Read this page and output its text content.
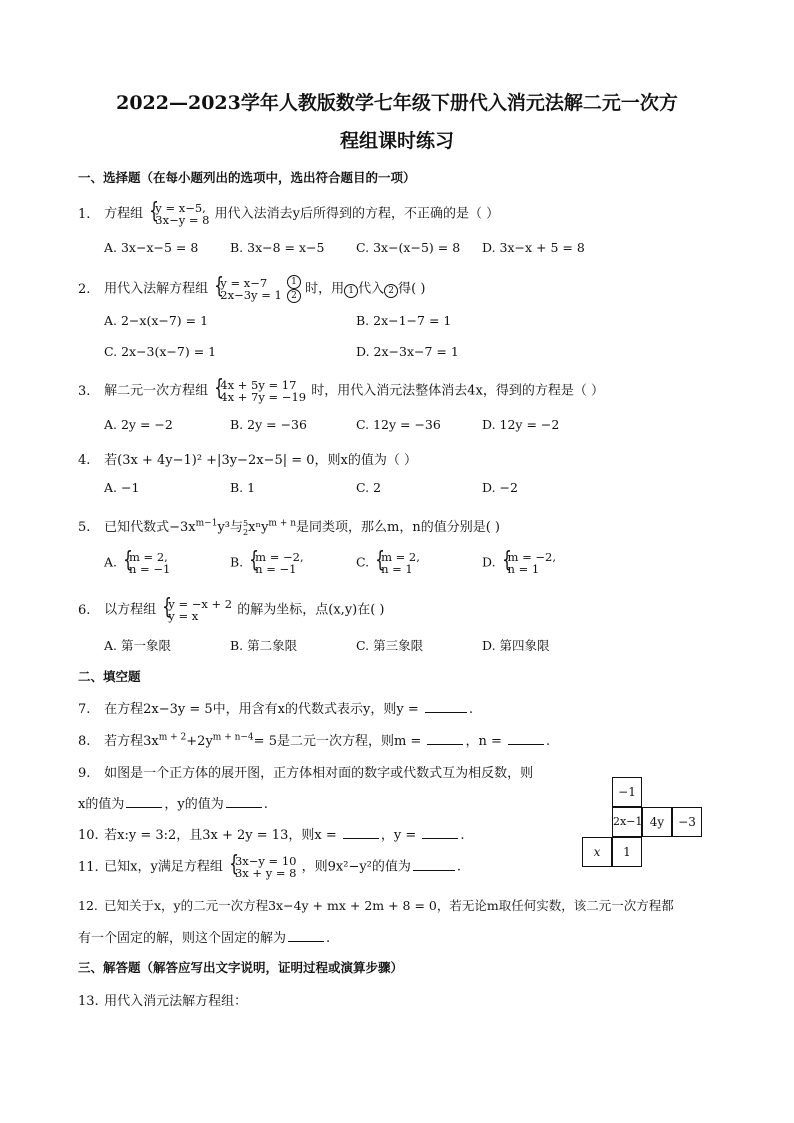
2022—2023学年人教版数学七年级下册代入消元法解二元一次方
程组课时练习
一、选择题（在每小题列出的选项中，选出符合题目的一项）
1. 方程组 { y = x−5,
3x−y = 8 用代入法消去y后所得到的方程，不正确的是（ ）
A. 3x−x−5 = 8	B. 3x−8 = x−5	C. 3x−(x−5) = 8 D. 3x−x + 5 = 8
2. 用代入法解方程组 { y = x−7
2x−3y = 1
$\frac{1}{2}$ 时，用 1 代入 2 得( )
A. 2−x(x−7) = 1	B. 2x−1−7 = 1
C. 2x−3(x−7) = 1	D. 2x−3x−7 = 1
3. 解二元一次方程组 { 4x + 5y = 17
4x + 7y = −19 时，用代入消元法整体消去4x，得到的方程是（ ）
A. 2y = −2	B. 2y = −36	C. 12y = −36	D. 12y = −2
4. 若(3x + 4y−1)² +|3y−2x−5| = 0，则x的值为（ ）
A. −1	B. 1	C. 2	D. −2
5. 已知代数式$-3x^{m-1}y^3$与 5
2 xⁿy$^{m + n}$是同类项，那么m，n的值分别是( )
A. { m = 2,
n = −1	B. { m = −2,
n = −1	C. { m = 2,
n = 1	D. { m = −2,
n = 1
6. 以方程组 { y = −x + 2
y = x	的解为坐标，点(x,y)在( )
A. 第一象限	B. 第二象限	C. 第三象限	D. 第四象限
二、填空题
7. 在方程2x−3y = 5中，用含有x的代数式表示y，则y =	.
8. 若方程$3x^{m + 2}+2y^{m + n-4}= 5$是二元一次方程，则m =	，n =	.
9. 如图是一个正方体的展开图，正方体相对面的数字或代数式互为相反数，则
x的值为	，y的值为	.
−1
2x−1 4y	−3
x	1
10. 若x:y = 3:2，且3x + 2y = 13，则x =	，y =	.
11. 已知x，y满足方程组 { 3x−y = 10
3x + y = 8 ，则9x²−y²的值为	.
12. 已知关于x，y的二元一次方程3x−4y + mx + 2m + 8 = 0，若无论m取任何实数，该二元一次方程都
有一个固定的解，则这个固定的解为	.
三、解答题（解答应写出文字说明，证明过程或演算步骤）
13. 用代入消元法解方程组：
